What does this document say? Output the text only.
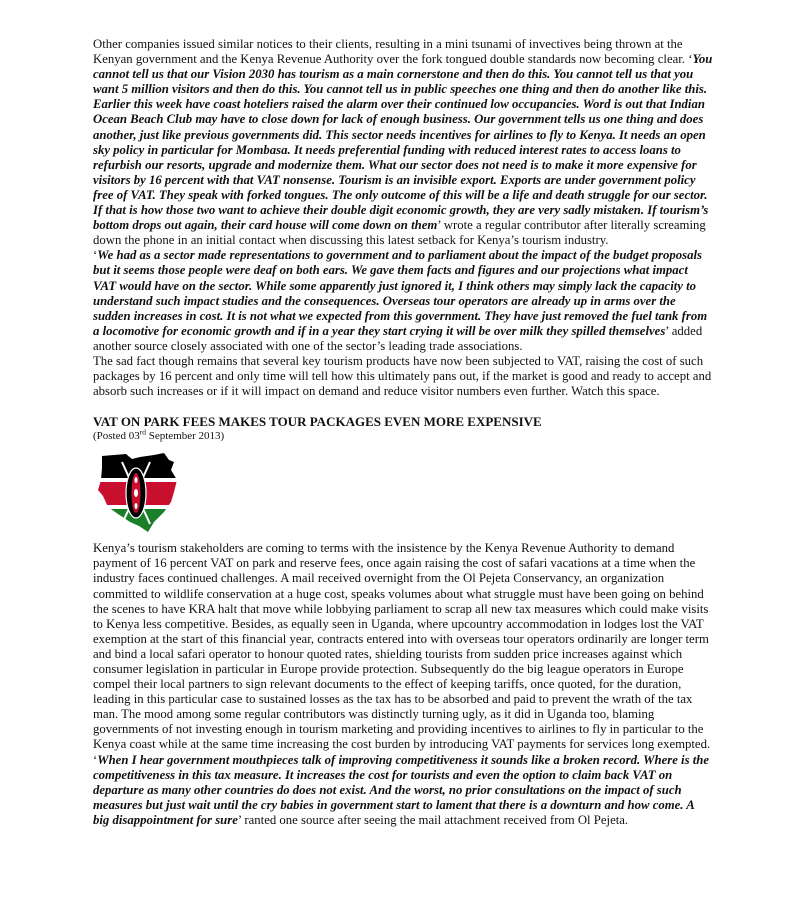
Other companies issued similar notices to their clients, resulting in a mini tsunami of invectives being thrown at the Kenyan government and the Kenya Revenue Authority over the fork tongued double standards now becoming clear. ‘You cannot tell us that our Vision 2030 has tourism as a main cornerstone and then do this. You cannot tell us that you want 5 million visitors and then do this. You cannot tell us in public speeches one thing and then do another like this. Earlier this week have coast hoteliers raised the alarm over their continued low occupancies. Word is out that Indian Ocean Beach Club may have to close down for lack of enough business. Our government tells us one thing and does another, just like previous governments did. This sector needs incentives for airlines to fly to Kenya. It needs an open sky policy in particular for Mombasa. It needs preferential funding with reduced interest rates to access loans to refurbish our resorts, upgrade and modernize them. What our sector does not need is to make it more expensive for visitors by 16 percent with that VAT nonsense. Tourism is an invisible export. Exports are under government policy free of VAT. They speak with forked tongues. The only outcome of this will be a life and death struggle for our sector. If that is how those two want to achieve their double digit economic growth, they are very sadly mistaken. If tourism’s bottom drops out again, their card house will come down on them’ wrote a regular contributor after literally screaming down the phone in an initial contact when discussing this latest setback for Kenya’s tourism industry.

‘We had as a sector made representations to government and to parliament about the impact of the budget proposals but it seems those people were deaf on both ears. We gave them facts and figures and our projections what impact VAT would have on the sector. While some apparently just ignored it, I think others may simply lack the capacity to understand such impact studies and the consequences. Overseas tour operators are already up in arms over the sudden increases in cost. It is not what we expected from this government. They have just removed the fuel tank from a locomotive for economic growth and if in a year they start crying it will be over milk they spilled themselves’ added another source closely associated with one of the sector’s leading trade associations.

The sad fact though remains that several key tourism products have now been subjected to VAT, raising the cost of such packages by 16 percent and only time will tell how this ultimately pans out, if the market is good and ready to accept and absorb such increases or if it will impact on demand and reduce visitor numbers even further. Watch this space.

VAT ON PARK FEES MAKES TOUR PACKAGES EVEN MORE EXPENSIVE

(Posted 03rd September 2013)

Kenya’s tourism stakeholders are coming to terms with the insistence by the Kenya Revenue Authority to demand payment of 16 percent VAT on park and reserve fees, once again raising the cost of safari vacations at a time when the industry faces continued challenges. A mail received overnight from the Ol Pejeta Conservancy, an organization committed to wildlife conservation at a huge cost, speaks volumes about what struggle must have been going on behind the scenes to have KRA halt that move while lobbying parliament to scrap all new tax measures which could make visits to Kenya less competitive. Besides, as equally seen in Uganda, where upcountry accommodation in lodges lost the VAT exemption at the start of this financial year, contracts entered into with overseas tour operators ordinarily are longer term and bind a local safari operator to honour quoted rates, shielding tourists from sudden price increases against which consumer legislation in particular in Europe provide protection. Subsequently do the big league operators in Europe compel their local partners to sign relevant documents to the effect of keeping tariffs, once quoted, for the duration, leading in this particular case to sustained losses as the tax has to be absorbed and paid to prevent the wrath of the tax man. The mood among some regular contributors was distinctly turning ugly, as it did in Uganda too, blaming governments of not investing enough in tourism marketing and providing incentives to airlines to fly in particular to the Kenya coast while at the same time increasing the cost burden by introducing VAT payments for services long exempted. ‘When I hear government mouthpieces talk of improving competitiveness it sounds like a broken record. Where is the competitiveness in this tax measure. It increases the cost for tourists and even the option to claim back VAT on departure as many other countries do does not exist. And the worst, no prior consultations on the impact of such measures but just wait until the cry babies in government start to lament that there is a downturn and how come. A big disappointment for sure’ ranted one source after seeing the mail attachment received from Ol Pejeta.
